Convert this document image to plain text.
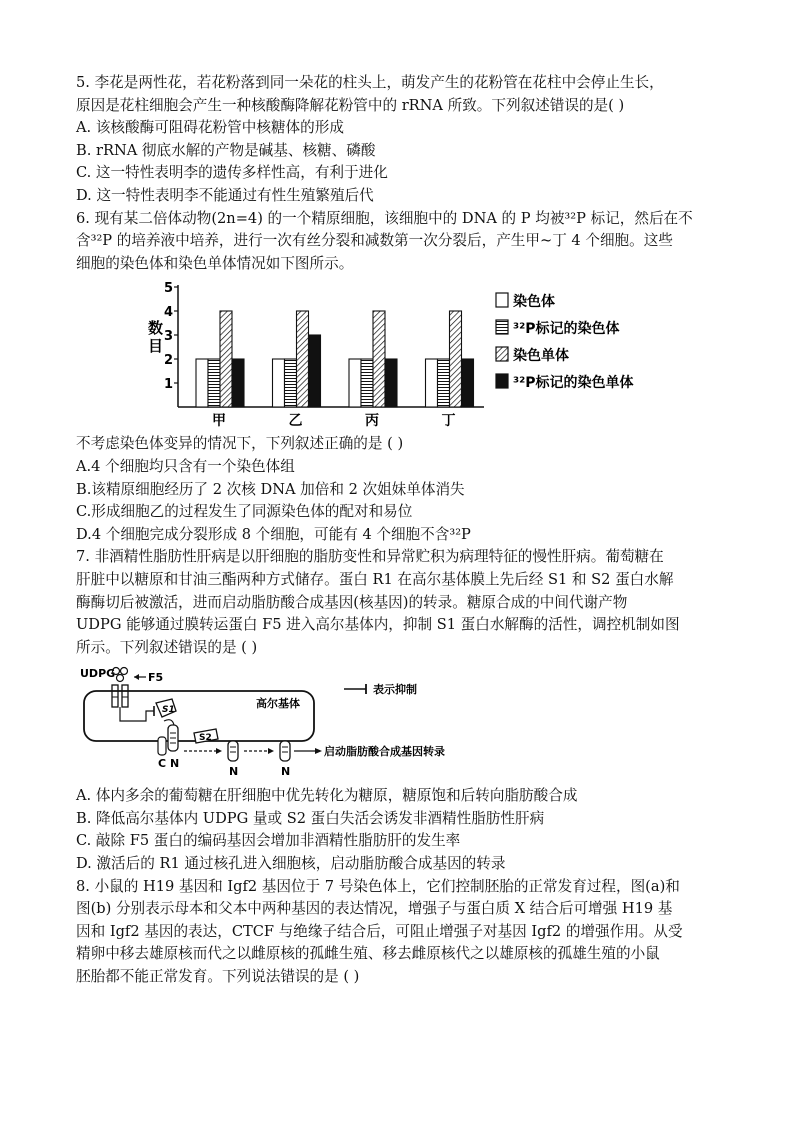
5. 李花是两性花，若花粉落到同一朵花的柱头上，萌发产生的花粉管在花柱中会停止生长，

原因是花柱细胞会产生一种核酸酶降解花粉管中的 rRNA 所致。下列叙述错误的是( )

A. 该核酸酶可阻碍花粉管中核糖体的形成

B. rRNA 彻底水解的产物是碱基、核糖、磷酸

C. 这一特性表明李的遗传多样性高，有利于进化

D. 这一特性表明李不能通过有性生殖繁殖后代

6. 现有某二倍体动物(2n=4) 的一个精原细胞，该细胞中的 DNA 的 P 均被³²P 标记，然后在不

含³²P 的培养液中培养，进行一次有丝分裂和减数第一次分裂后，产生甲~丁 4 个细胞。这些

细胞的染色体和染色单体情况如下图所示。

数
目
1
2
3
4
5
甲	乙	丙	丁
染色体
³²P标记的染色体
染色单体
³²P标记的染色单体

不考虑染色体变异的情况下，下列叙述正确的是 ( )

A.4 个细胞均只含有一个染色体组

B.该精原细胞经历了 2 次核 DNA 加倍和 2 次姐妹单体消失

C.形成细胞乙的过程发生了同源染色体的配对和易位

D.4 个细胞完成分裂形成 8 个细胞，可能有 4 个细胞不含³²P

7. 非酒精性脂肪性肝病是以肝细胞的脂肪变性和异常贮积为病理特征的慢性肝病。葡萄糖在

肝脏中以糖原和甘油三酯两种方式储存。蛋白 R1 在高尔基体膜上先后经 S1 和 S2 蛋白水解

酶酶切后被激活，进而启动脂肪酸合成基因(核基因)的转录。糖原合成的中间代谢产物

UDPG 能够通过膜转运蛋白 F5 进入高尔基体内，抑制 S1 蛋白水解酶的活性，调控机制如图

所示。下列叙述错误的是 ( )

UDPG	F5
高尔基体
S1
C N
S2
N	N
启动脂肪酸合成基因转录
表示抑制

A. 体内多余的葡萄糖在肝细胞中优先转化为糖原，糖原饱和后转向脂肪酸合成

B. 降低高尔基体内 UDPG 量或 S2 蛋白失活会诱发非酒精性脂肪性肝病

C. 敲除 F5 蛋白的编码基因会增加非酒精性脂肪肝的发生率

D. 激活后的 R1 通过核孔进入细胞核，启动脂肪酸合成基因的转录

8. 小鼠的 H19 基因和 Igf2 基因位于 7 号染色体上，它们控制胚胎的正常发育过程，图(a)和

图(b) 分别表示母本和父本中两种基因的表达情况，增强子与蛋白质 X 结合后可增强 H19 基

因和 Igf2 基因的表达，CTCF 与绝缘子结合后，可阻止增强子对基因 Igf2 的增强作用。从受

精卵中移去雄原核而代之以雌原核的孤雌生殖、移去雌原核代之以雄原核的孤雄生殖的小鼠

胚胎都不能正常发育。下列说法错误的是 ( )
